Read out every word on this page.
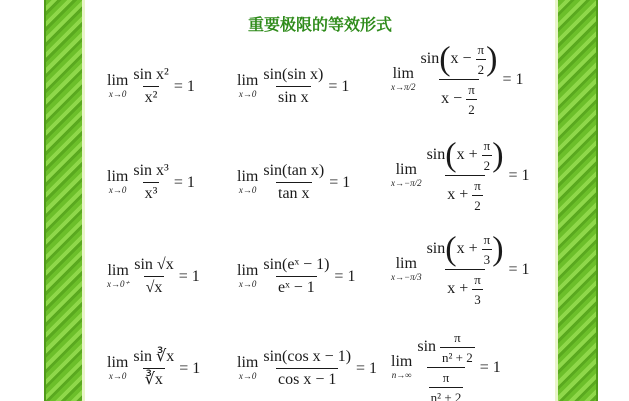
重要极限的等效形式
lim
$x\to 0 \frac{\text{sin x²}}{\text{x²}} = 1$	lim
$x\to 0 \frac{\text{sin(sin x)}}{\text{sin x}} = 1$
lim
$x\to\pi/2 \frac{\sin(x - \frac{\pi}{2} )}{x - \frac{\pi}{2}} = 1$
lim
$x\to 0 \frac{\text{sin x³}}{\text{x³}} = 1$	lim
$x\to 0 \frac{\text{sin(tan x)}}{\text{tan x}} = 1$
lim
$x\to-\pi/2 \frac{\sin(x + \frac{\pi}{2} )}{x + \frac{\pi}{2}} = 1$
lim
$x\to 0^+ \frac{\sin √x}{√x} = 1$ lim
$x\to 0 \frac{\text{sin(eˣ − 1)}}{\text{eˣ − 1}} = 1$
lim
$x\to-\pi/3 \frac{\sin(x + \frac{\pi}{3} )}{x + \frac{\pi}{3}} = 1$
lim
$x\to 0 \frac{\sin ∛x}{∛x} = 1$ lim
$x\to 0 \frac{\text{sin(cos x − 1)}}{\text{cos x − 1}} = 1$ lim
$n\to\infty \frac{\sin \frac{\pi}{\text{n² + 2}}}{\frac{\pi}{\text{n² + 2}}} = 1$
